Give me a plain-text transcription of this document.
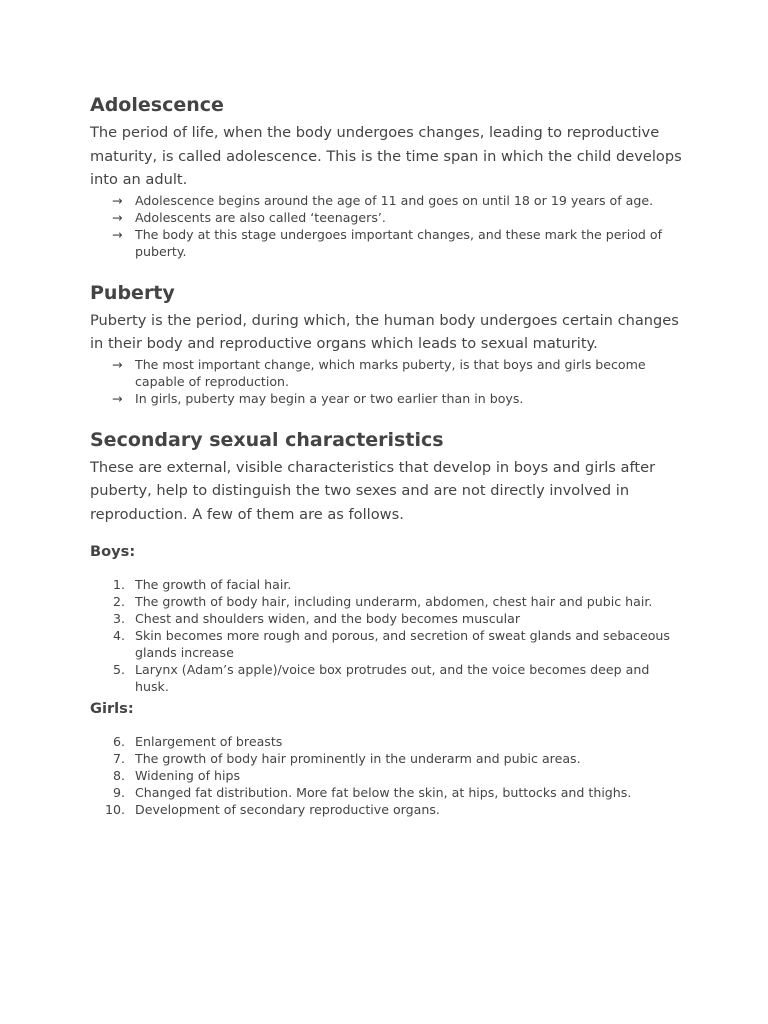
Adolescence

The period of life, when the body undergoes changes, leading to reproductive maturity, is called adolescence. This is the time span in which the child develops into an adult.

→ Adolescence begins around the age of 11 and goes on until 18 or 19 years of age.
→ Adolescents are also called ‘teenagers’.
→ The body at this stage undergoes important changes, and these mark the period of puberty.
Puberty

Puberty is the period, during which, the human body undergoes certain changes in their body and reproductive organs which leads to sexual maturity.

→ The most important change, which marks puberty, is that boys and girls become capable of reproduction.
→ In girls, puberty may begin a year or two earlier than in boys.
Secondary sexual characteristics

These are external, visible characteristics that develop in boys and girls after puberty, help to distinguish the two sexes and are not directly involved in reproduction. A few of them are as follows.

Boys:

1. The growth of facial hair.
2. The growth of body hair, including underarm, abdomen, chest hair and pubic hair.
3. Chest and shoulders widen, and the body becomes muscular
4. Skin becomes more rough and porous, and secretion of sweat glands and sebaceous glands increase
5. Larynx (Adam’s apple)/voice box protrudes out, and the voice becomes deep and husk.

Girls:

6. Enlargement of breasts
7. The growth of body hair prominently in the underarm and pubic areas.
8. Widening of hips
9. Changed fat distribution. More fat below the skin, at hips, buttocks and thighs.
10. Development of secondary reproductive organs.
